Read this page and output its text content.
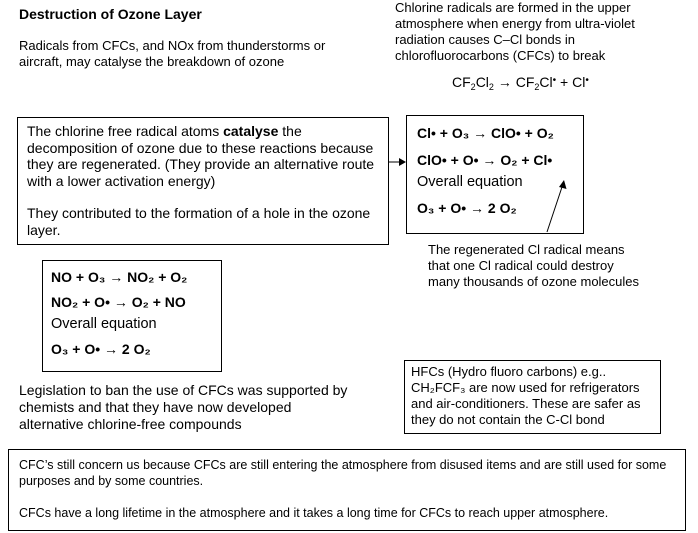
Destruction of Ozone Layer

Radicals from CFCs, and NOx from thunderstorms or

aircraft, may catalyse the breakdown of ozone

Chlorine radicals are formed in the upper

atmosphere when energy from ultra-violet

radiation causes C–Cl bonds in

chlorofluorocarbons (CFCs) to break

$CF_2Cl_2 \to CF_2Cl^• + Cl^•$

The chlorine free radical atoms catalyse the decomposition of ozone due to these reactions because they are regenerated. (They provide an alternative route with a lower activation energy)

They contributed to the formation of a hole in the ozone layer.

Cl• + O₃ → ClO• + O₂
ClO• + O• → O₂ + Cl•
Overall equation
O₃ + O• → 2 O₂

The regenerated Cl radical means

that one Cl radical could destroy

many thousands of ozone molecules

NO + O₃ → NO₂ + O₂
NO₂ + O• → O₂ + NO
Overall equation
O₃ + O• → 2 O₂

Legislation to ban the use of CFCs was supported by

chemists and that they have now developed

alternative chlorine-free compounds

HFCs (Hydro fluoro carbons) e.g..

CH₂FCF₃ are now used for refrigerators

and air-conditioners. These are safer as

they do not contain the C-Cl bond

CFC’s still concern us because CFCs are still entering the atmosphere from disused items and are still used for some purposes and by some countries.

CFCs have a long lifetime in the atmosphere and it takes a long time for CFCs to reach upper atmosphere.
